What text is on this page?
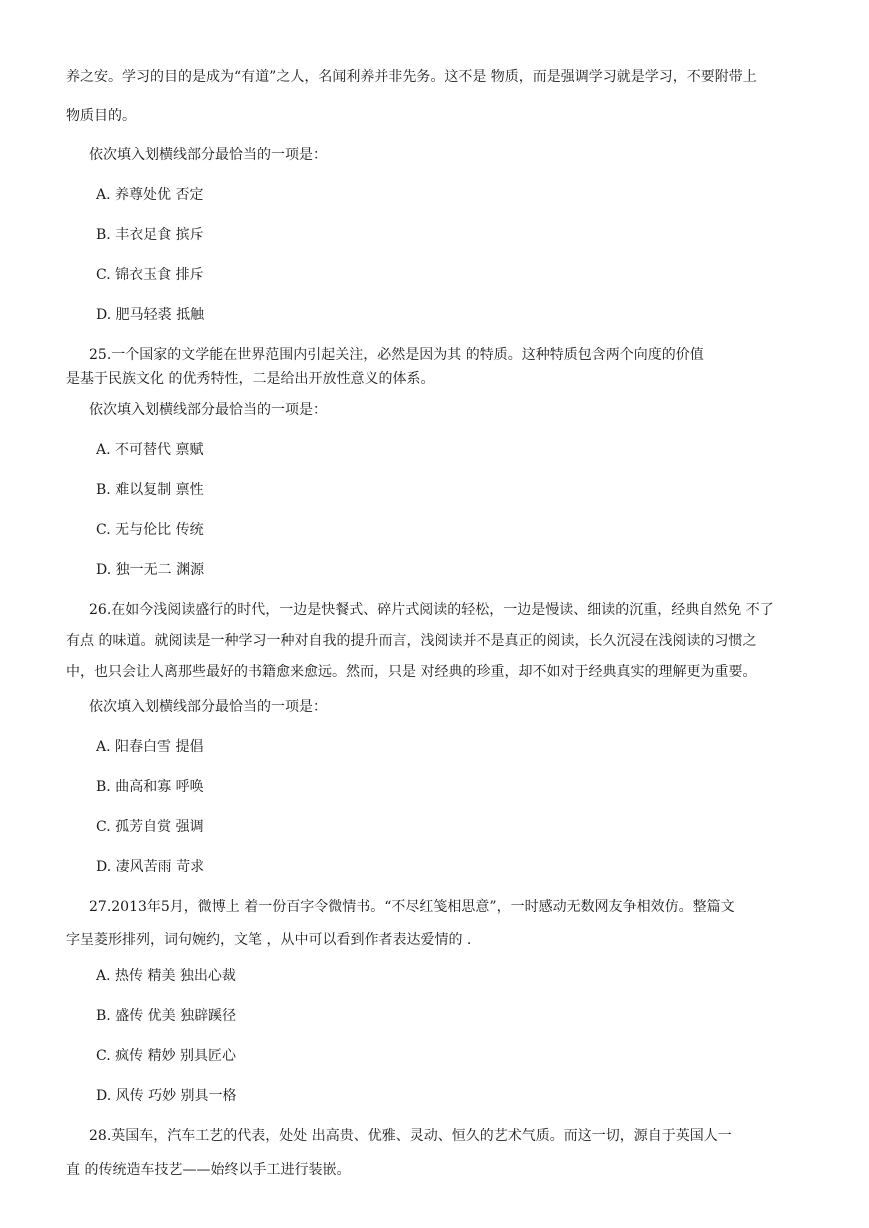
养之安。学习的目的是成为“有道”之人，名闻利养并非先务。这不是 物质，而是强调学习就是学习，不要附带上
物质目的。
依次填入划横线部分最恰当的一项是：
A. 养尊处优 否定
B. 丰衣足食 摈斥
C. 锦衣玉食 排斥
D. 肥马轻裘 抵触
25.一个国家的文学能在世界范围内引起关注，必然是因为其 的特质。这种特质包含两个向度的价值
是基于民族文化 的优秀特性，二是给出开放性意义的体系。
依次填入划横线部分最恰当的一项是：
A. 不可替代 禀赋
B. 难以复制 禀性
C. 无与伦比 传统
D. 独一无二 渊源
26.在如今浅阅读盛行的时代，一边是快餐式、碎片式阅读的轻松，一边是慢读、细读的沉重，经典自然免 不了
有点 的味道。就阅读是一种学习一种对自我的提升而言，浅阅读并不是真正的阅读，长久沉浸在浅阅读的习惯之
中，也只会让人离那些最好的书籍愈来愈远。然而，只是 对经典的珍重，却不如对于经典真实的理解更为重要。
依次填入划横线部分最恰当的一项是：
A. 阳春白雪 提倡
B. 曲高和寡 呼唤
C. 孤芳自赏 强调
D. 凄风苦雨 苛求
27.2013年5月，微博上 着一份百字令微情书。“不尽红笺相思意”，一时感动无数网友争相效仿。整篇文
字呈菱形排列，词句婉约，文笔 ，从中可以看到作者表达爱情的 .
A. 热传 精美 独出心裁
B. 盛传 优美 独辟蹊径
C. 疯传 精妙 别具匠心
D. 风传 巧妙 别具一格
28.英国车，汽车工艺的代表，处处 出高贵、优雅、灵动、恒久的艺术气质。而这一切，源自于英国人一
直 的传统造车技艺——始终以手工进行装嵌。
